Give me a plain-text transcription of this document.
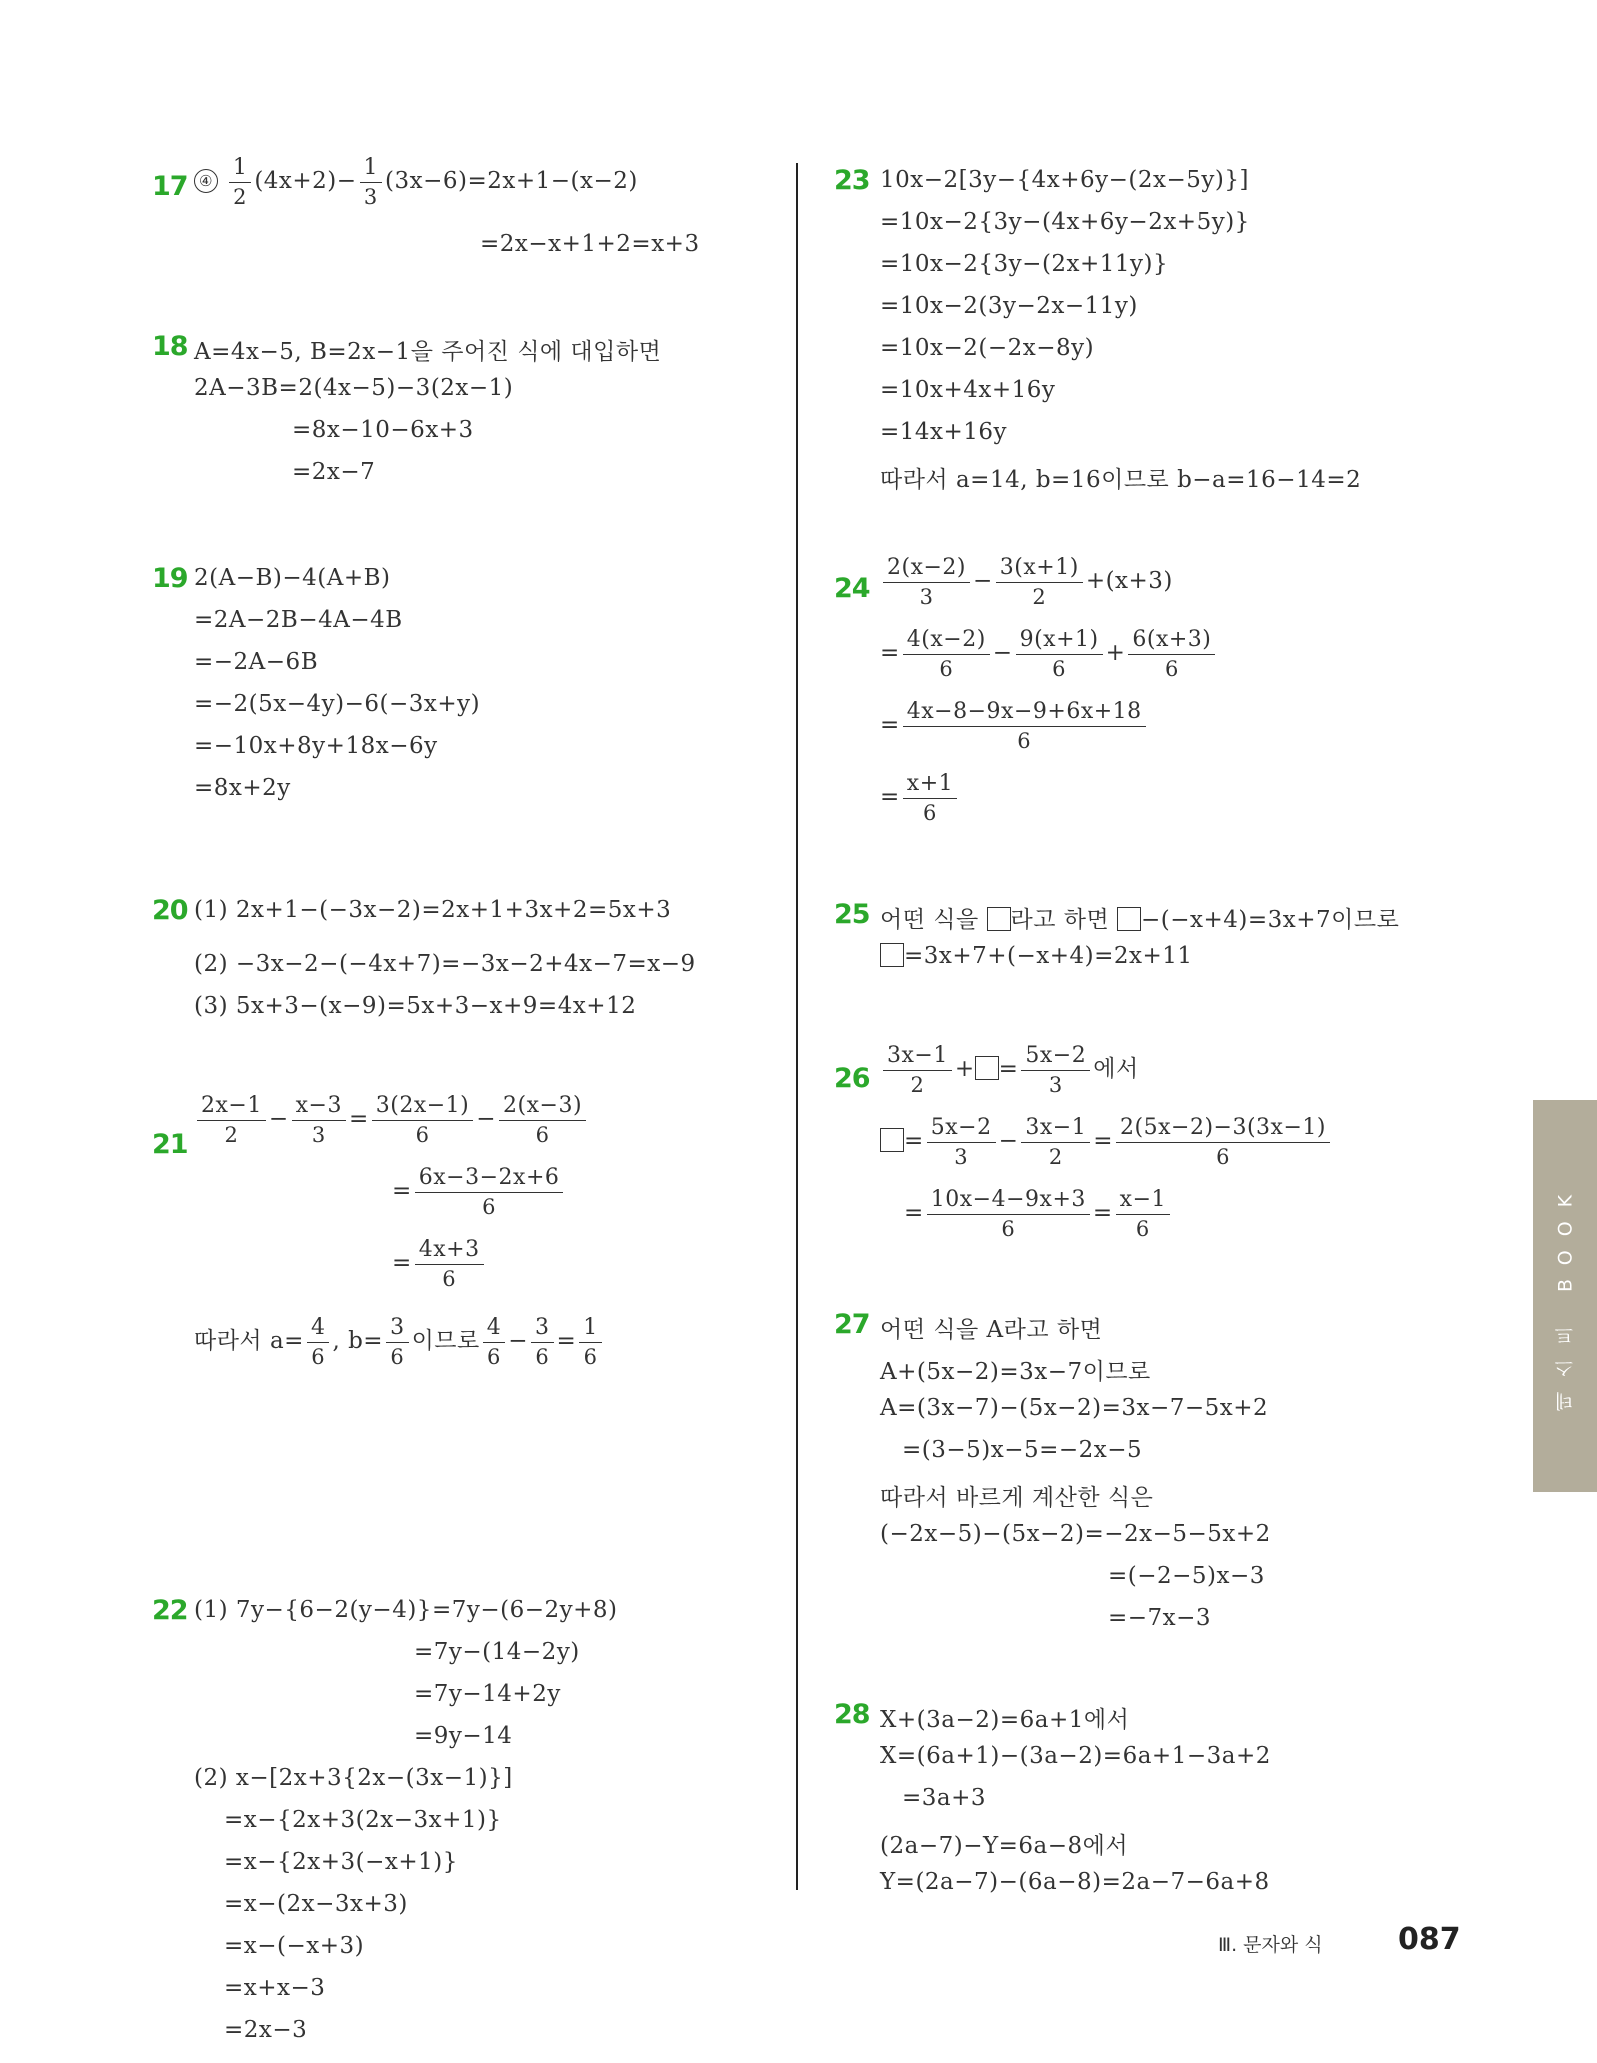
17 ④ $\frac{1}{2} (4x+2)- \frac{1}{3} (3x-6)=2x+1-(x-2)$
=2x−x+1+2=x+3
18 A=4x−5, B=2x−1을 주어진 식에 대입하면
2A−3B=2(4x−5)−3(2x−1)
=8x−10−6x+3
=2x−7
19 2(A−B)−4(A+B)
=2A−2B−4A−4B
=−2A−6B
=−2(5x−4y)−6(−3x+y)
=−10x+8y+18x−6y
=8x+2y
20 (1) 2x+1−(−3x−2)=2x+1+3x+2=5x+3
(2) −3x−2−(−4x+7)=−3x−2+4x−7=x−9
(3) 5x+3−(x−9)=5x+3−x+9=4x+12
$21 \frac{2x-1}{2} - \frac{x-3}{3} = \frac{3(2x-1)}{6} - \frac{2(x-3)}{6}$
= $\frac{6x-3-2x+6}{6}$
= $\frac{4x+3}{6}$
따라서 $a= \frac{4}{6}$ , $b= \frac{3}{6}$ 이므로 $\frac{4}{6} - \frac{3}{6} = \frac{1}{6}$
22 (1) 7y−{6−2(y−4)}=7y−(6−2y+8)
=7y−(14−2y)
=7y−14+2y
=9y−14
(2) x−[2x+3{2x−(3x−1)}]
=x−{2x+3(2x−3x+1)}
=x−{2x+3(−x+1)}
=x−(2x−3x+3)
=x−(−x+3)
=x+x−3
=2x−3
23 10x−2[3y−{4x+6y−(2x−5y)}]
=10x−2{3y−(4x+6y−2x+5y)}
=10x−2{3y−(2x+11y)}
=10x−2(3y−2x−11y)
=10x−2(−2x−8y)
=10x+4x+16y
=14x+16y
따라서 a=14, b=16이므로 b−a=16−14=2
$24 \frac{2(x-2)}{3} - \frac{3(x+1)}{2} +(x+3)$
= $\frac{4(x-2)}{6} - \frac{9(x+1)}{6} + \frac{6(x+3)}{6}$
= $\frac{4x-8-9x-9+6x+18}{6}$
= $\frac{x+1}{6}$
25 어떤 식을 라고 하면 −(−x+4)=3x+7이므로
=3x+7+(−x+4)=2x+11
$26 \frac{3x-1}{2}$ + = $\frac{5x-2}{3}$ 에서
= $\frac{5x-2}{3} - \frac{3x-1}{2} = \frac{2(5x-2)-3(3x-1)}{6}$
= $\frac{10x-4-9x+3}{6} = \frac{x-1}{6}$
27 어떤 식을 A라고 하면
A+(5x−2)=3x−7이므로
A=(3x−7)−(5x−2)=3x−7−5x+2
=(3−5)x−5=−2x−5
따라서 바르게 계산한 식은
(−2x−5)−(5x−2)=−2x−5−5x+2
=(−2−5)x−3
=−7x−3
28 X+(3a−2)=6a+1에서
X=(6a+1)−(3a−2)=6a+1−3a+2
=3a+3
(2a−7)−Y=6a−8에서
Y=(2a−7)−(6a−8)=2a−7−6a+8
테스트 BOOK
Ⅲ. 문자와 식	087
